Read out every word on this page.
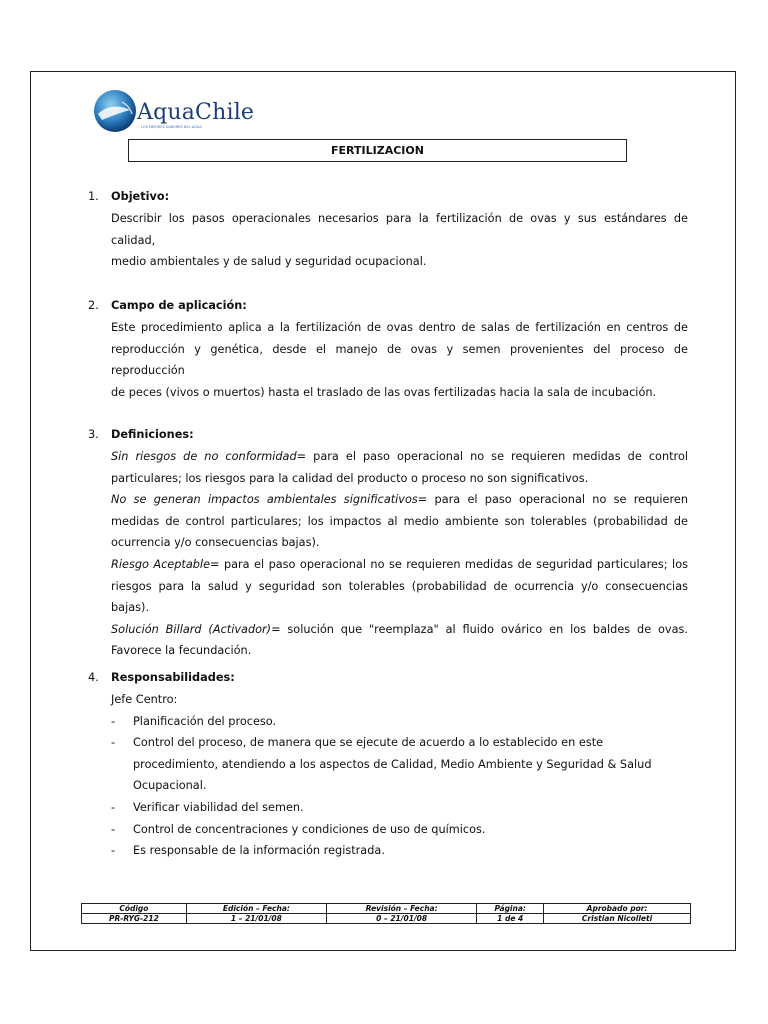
AquaChile
LOS MEJORES SABORES DEL AGUA
FERTILIZACION
1. Objetivo:
Describir los pasos operacionales necesarios para la fertilización de ovas y sus estándares de calidad,
medio ambientales y de salud y seguridad ocupacional.
2. Campo de aplicación:
Este procedimiento aplica a la fertilización de ovas dentro de salas de fertilización en centros de
reproducción y genética, desde el manejo de ovas y semen provenientes del proceso de reproducción
de peces (vivos o muertos) hasta el traslado de las ovas fertilizadas hacia la sala de incubación.
3. Definiciones:
Sin riesgos de no conformidad= para el paso operacional no se requieren medidas de control particulares; los riesgos para la calidad del producto o proceso no son significativos.
No se generan impactos ambientales significativos= para el paso operacional no se requieren medidas de control particulares; los impactos al medio ambiente son tolerables (probabilidad de ocurrencia y/o consecuencias bajas).
Riesgo Aceptable= para el paso operacional no se requieren medidas de seguridad particulares; los riesgos para la salud y seguridad son tolerables (probabilidad de ocurrencia y/o consecuencias bajas).
Solución Billard (Activador)= solución que "reemplaza" al fluido ovárico en los baldes de ovas. Favorece la fecundación.
4. Responsabilidades:
Jefe Centro:
- Planificación del proceso.
- Control del proceso, de manera que se ejecute de acuerdo a lo establecido en este procedimiento, atendiendo a los aspectos de Calidad, Medio Ambiente y Seguridad & Salud Ocupacional.
- Verificar viabilidad del semen.
- Control de concentraciones y condiciones de uso de químicos.
- Es responsable de la información registrada.
Código	Edición – Fecha:	Revisión – Fecha:	Página:	Aprobado por:
PR-RYG-212	1 – 21/01/08	0 – 21/01/08	1 de 4	Cristian Nicolleti
